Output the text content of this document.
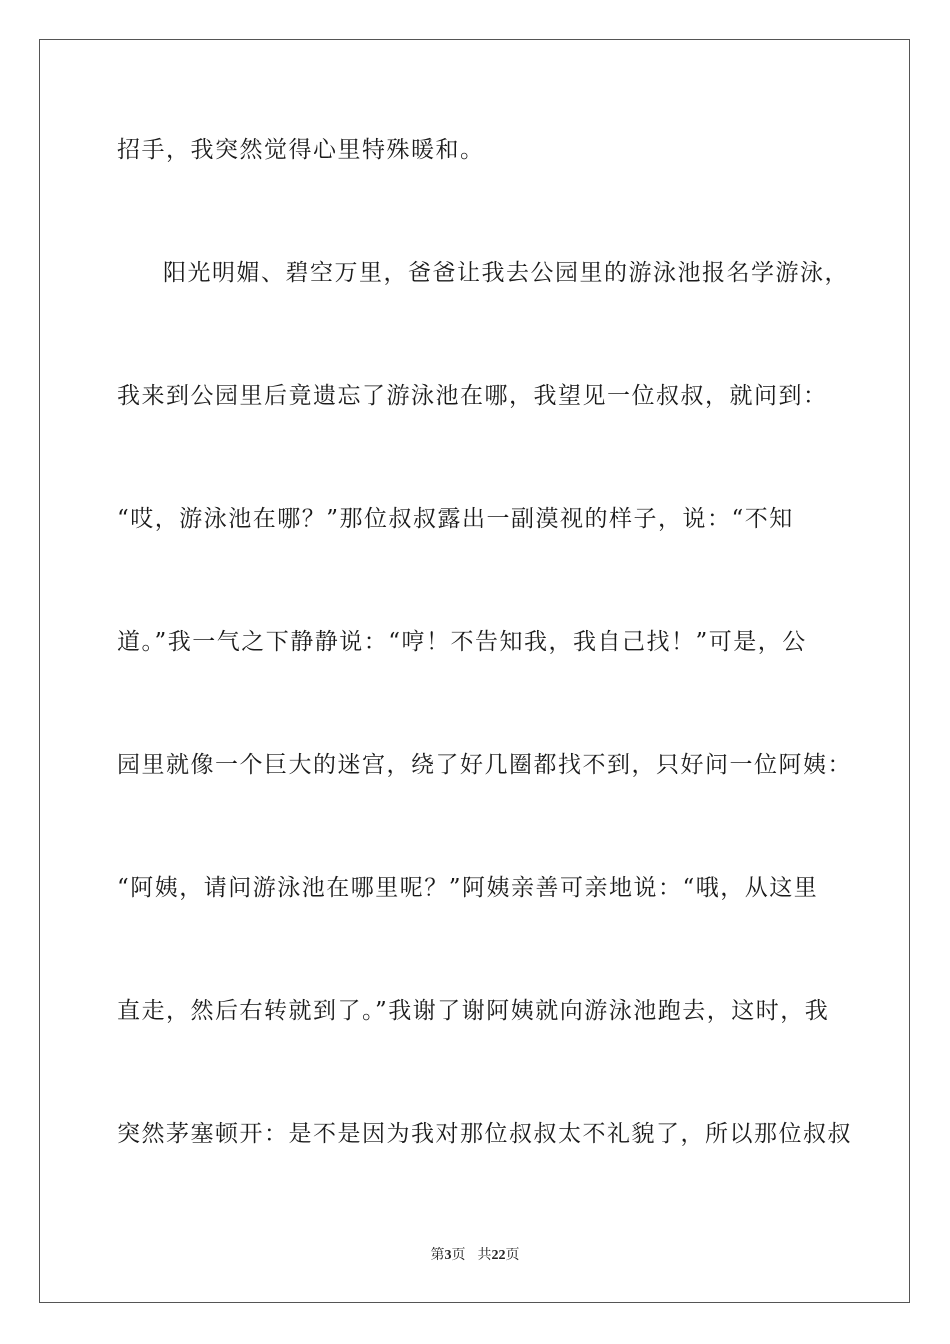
招手，我突然觉得心里特殊暖和。
阳光明媚、碧空万里，爸爸让我去公园里的游泳池报名学游泳，
我来到公园里后竟遗忘了游泳池在哪，我望见一位叔叔，就问到：
“哎，游泳池在哪？”那位叔叔露出一副漠视的样子，说：“不知
道。”我一气之下静静说：“哼！不告知我，我自己找！”可是，公
园里就像一个巨大的迷宫，绕了好几圈都找不到，只好问一位阿姨：
“阿姨，请问游泳池在哪里呢？”阿姨亲善可亲地说：“哦，从这里
直走，然后右转就到了。”我谢了谢阿姨就向游泳池跑去，这时，我
突然茅塞顿开：是不是因为我对那位叔叔太不礼貌了，所以那位叔叔
第3页 共22页
